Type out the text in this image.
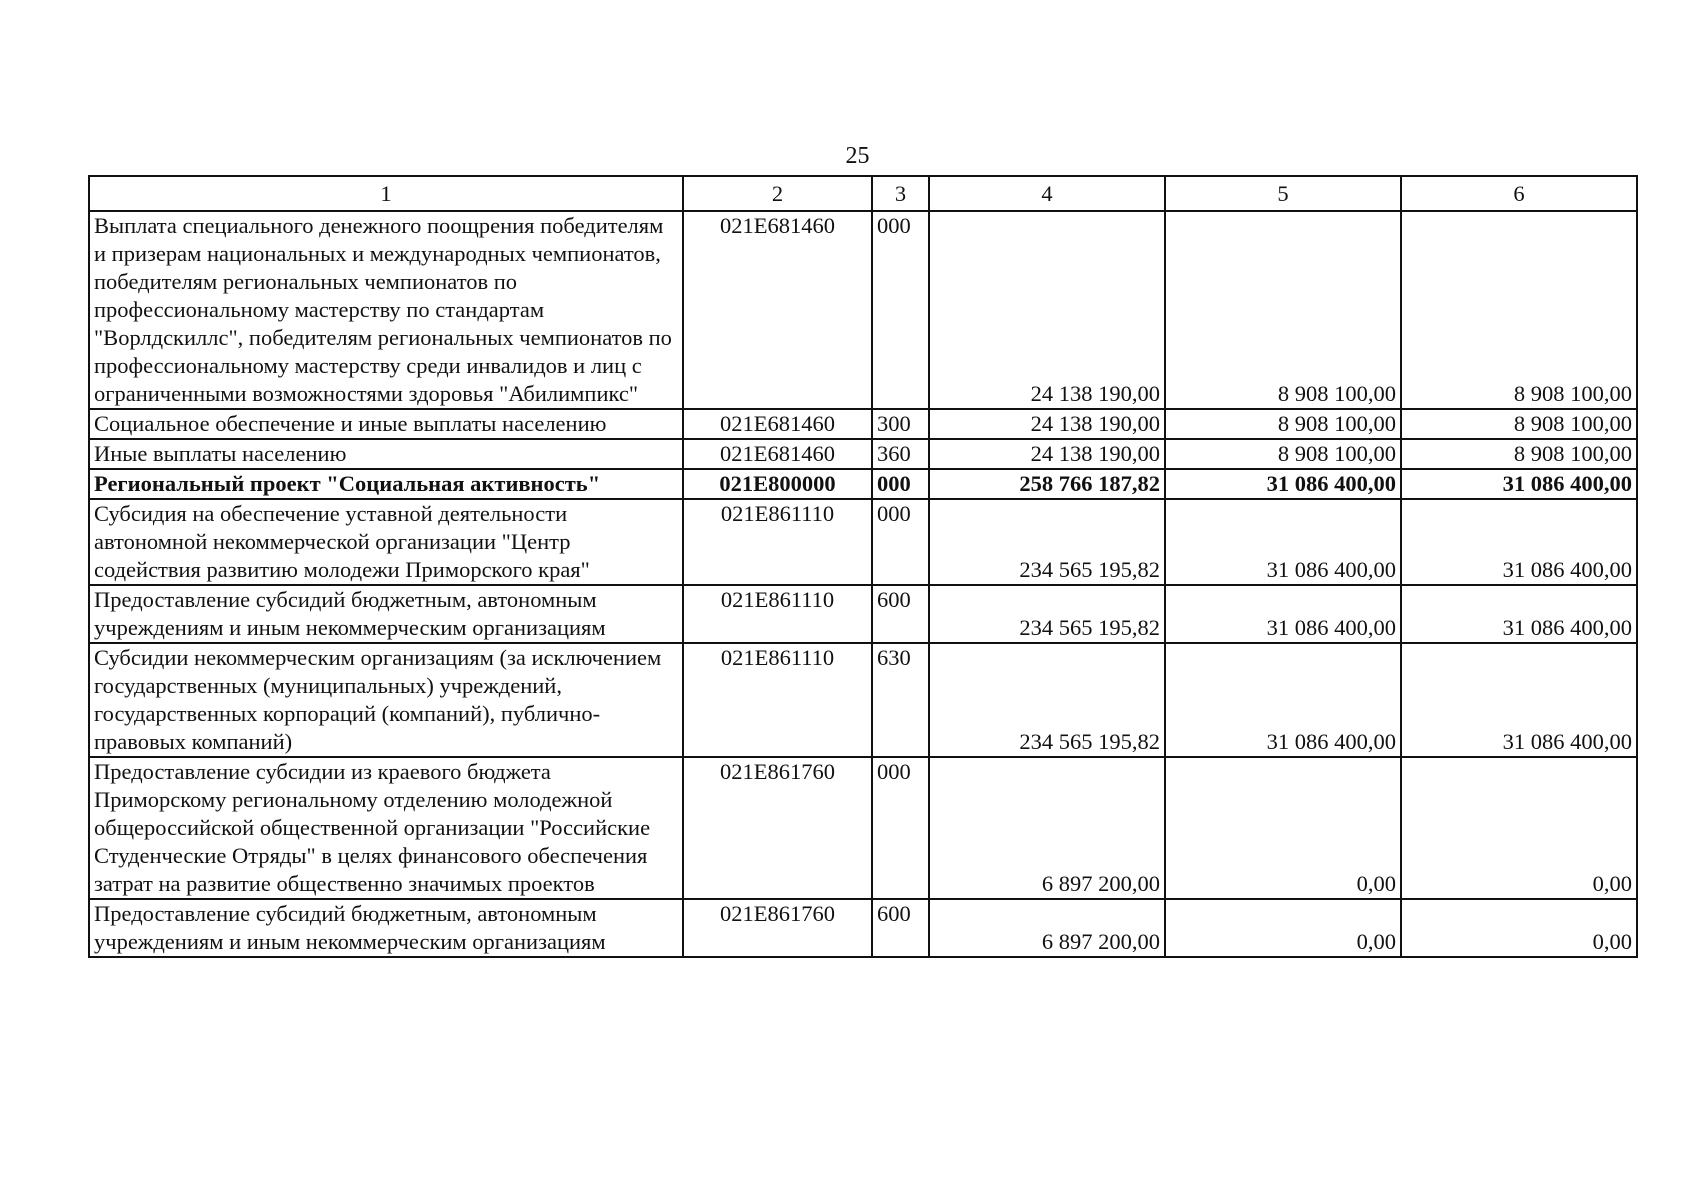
25
1	2	3	4	5	6
Выплата специального денежного поощрения победителям и призерам национальных и международных чемпионатов, победителям региональных чемпионатов по профессиональному мастерству по стандартам "Ворлдскиллс", победителям региональных чемпионатов по профессиональному мастерству среди инвалидов и лиц с ограниченными возможностями здоровья "Абилимпикс"	021Е681460	000	24 138 190,00	8 908 100,00	8 908 100,00
Социальное обеспечение и иные выплаты населению	021Е681460	300	24 138 190,00	8 908 100,00	8 908 100,00
Иные выплаты населению	021Е681460	360	24 138 190,00	8 908 100,00	8 908 100,00
Региональный проект "Социальная активность"	021Е800000	000	258 766 187,82	31 086 400,00	31 086 400,00
Субсидия на обеспечение уставной деятельности автономной некоммерческой организации "Центр содействия развитию молодежи Приморского края"	021Е861110	000	234 565 195,82	31 086 400,00	31 086 400,00
Предоставление субсидий бюджетным, автономным учреждениям и иным некоммерческим организациям	021Е861110	600	234 565 195,82	31 086 400,00	31 086 400,00
Субсидии некоммерческим организациям (за исключением государственных (муниципальных) учреждений, государственных корпораций (компаний), публично-правовых компаний)	021Е861110	630	234 565 195,82	31 086 400,00	31 086 400,00
Предоставление субсидии из краевого бюджета Приморскому региональному отделению молодежной общероссийской общественной организации "Российские Студенческие Отряды" в целях финансового обеспечения затрат на развитие общественно значимых проектов	021Е861760	000	6 897 200,00	0,00	0,00
Предоставление субсидий бюджетным, автономным учреждениям и иным некоммерческим организациям	021Е861760	600	6 897 200,00	0,00	0,00
